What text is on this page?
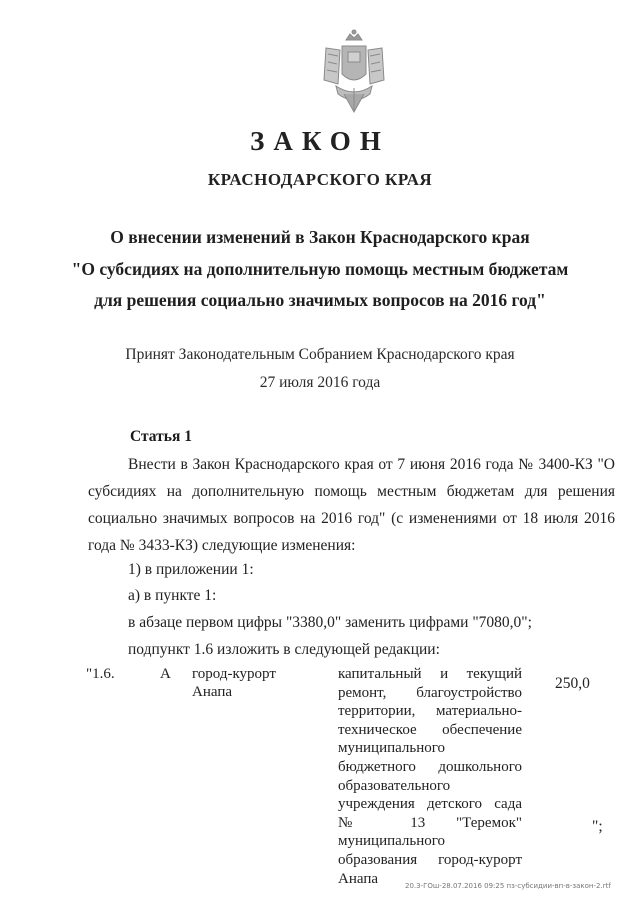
ЗАКОН
КРАСНОДАРСКОГО КРАЯ
О внесении изменений в Закон Краснодарского края
"О субсидиях на дополнительную помощь местным бюджетам
для решения социально значимых вопросов на 2016 год"
Принят Законодательным Собранием Краснодарского края
27 июля 2016 года
Статья 1
Внести в Закон Краснодарского края от 7 июня 2016 года № 3400-КЗ "О субсидиях на дополнительную помощь местным бюджетам для решения социально значимых вопросов на 2016 год" (с изменениями от 18 июля 2016 года № 3433-КЗ) следующие изменения:
1) в приложении 1:
а) в пункте 1:
в абзаце первом цифры "3380,0" заменить цифрами "7080,0";
подпункт 1.6 изложить в следующей редакции:
"1.6.	А город-курорт Анапа
капитальный и текущий ремонт, благоустройство территории, материально-техническое обеспечение муниципального бюджетного дошкольного образовательного учреждения детского сада № 13 "Теремок" муниципального образования город-курорт Анапа
250,0
";
20.3-ГОш-28.07.2016 09:25 пз-субсидии-вп-в-закон-2.rtf
